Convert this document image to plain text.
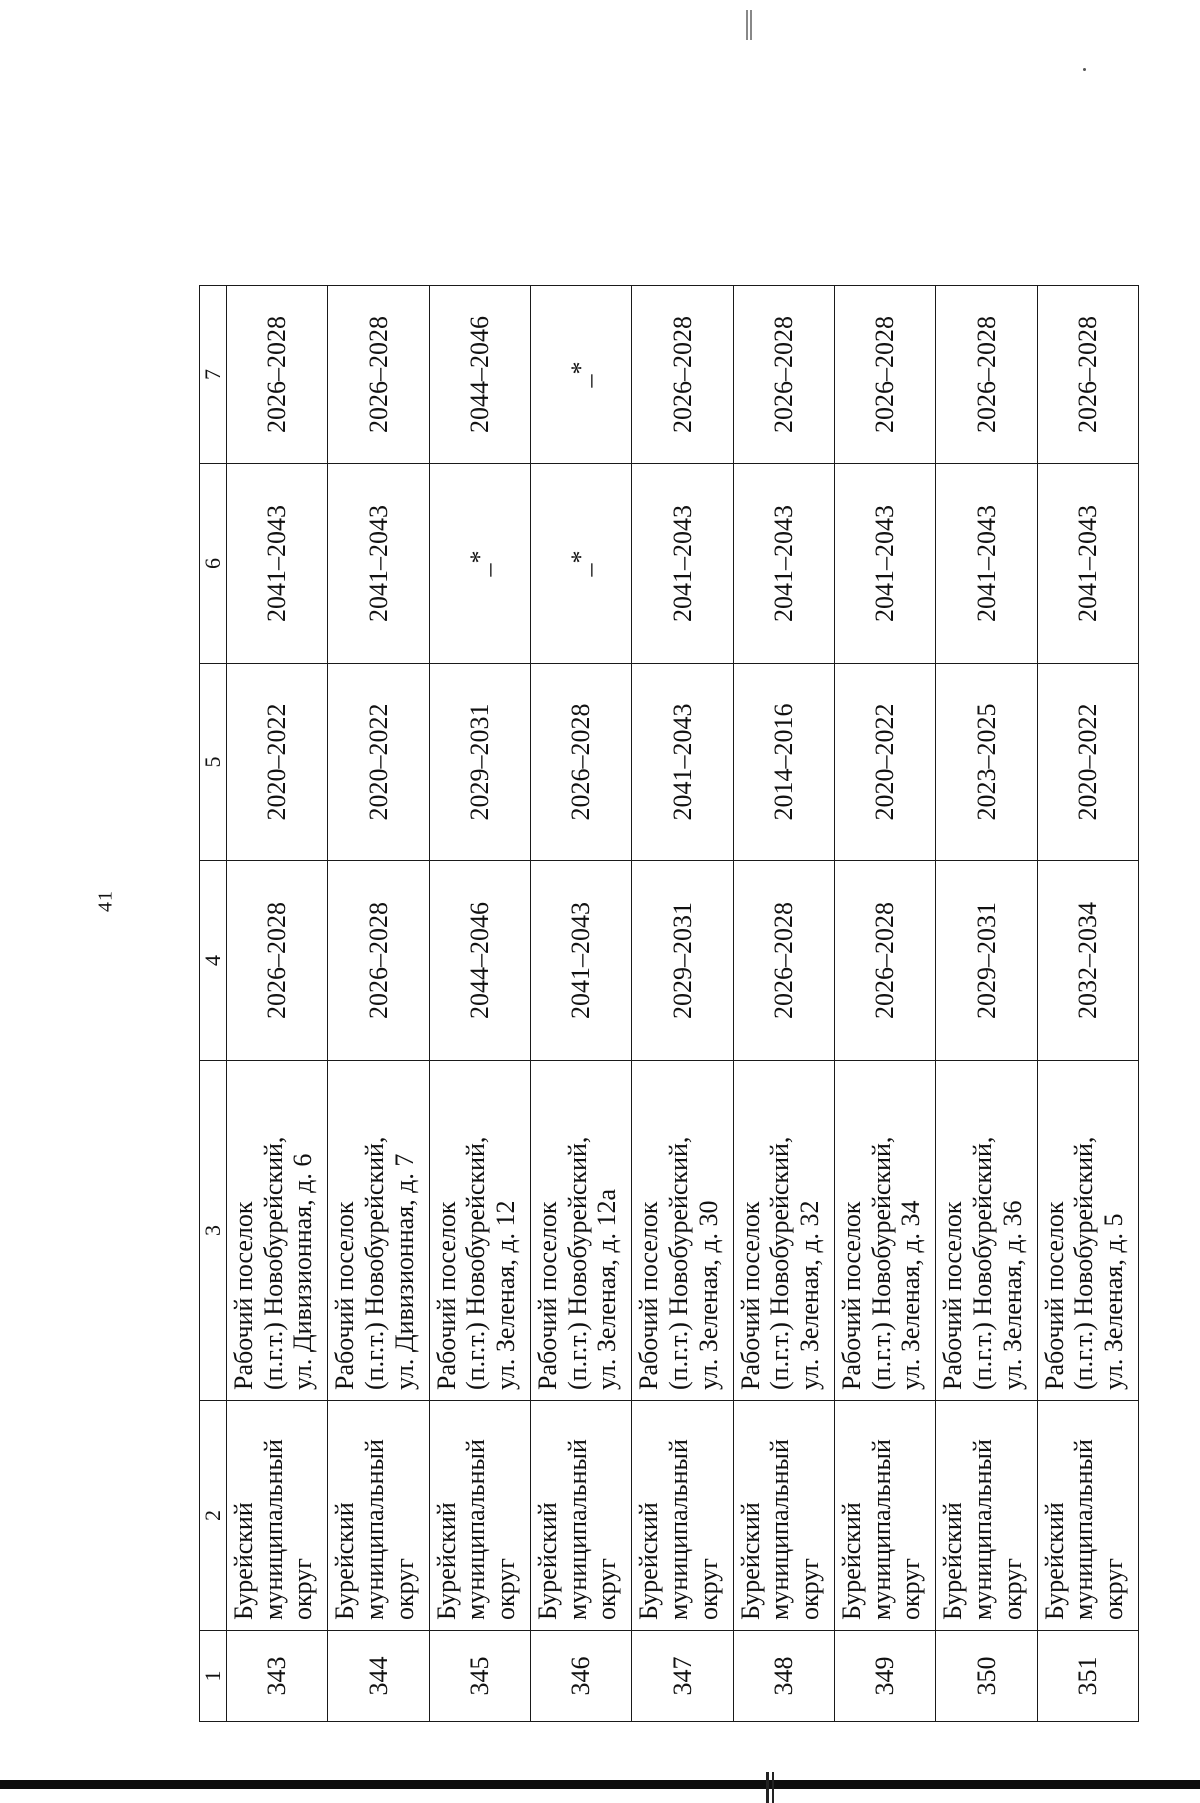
41
1	2	3	4	5	6	7
343	Бурейский муниципальный округ	Рабочий поселок (п.г.т.) Новобурейский, ул. Дивизионная, д. 6	2026–2028	2020–2022	2041–2043	2026–2028
344	Бурейский муниципальный округ	Рабочий поселок (п.г.т.) Новобурейский, ул. Дивизионная, д. 7	2026–2028	2020–2022	2041–2043	2026–2028
345	Бурейский муниципальный округ	Рабочий поселок (п.г.т.) Новобурейский, ул. Зеленая, д. 12	2044–2046	2029–2031	_*	2044–2046
346	Бурейский муниципальный округ	Рабочий поселок (п.г.т.) Новобурейский, ул. Зеленая, д. 12а	2041–2043	2026–2028	_*	_*
347	Бурейский муниципальный округ	Рабочий поселок (п.г.т.) Новобурейский, ул. Зеленая, д. 30	2029–2031	2041–2043	2041–2043	2026–2028
348	Бурейский муниципальный округ	Рабочий поселок (п.г.т.) Новобурейский, ул. Зеленая, д. 32	2026–2028	2014–2016	2041–2043	2026–2028
349	Бурейский муниципальный округ	Рабочий поселок (п.г.т.) Новобурейский, ул. Зеленая, д. 34	2026–2028	2020–2022	2041–2043	2026–2028
350	Бурейский муниципальный округ	Рабочий поселок (п.г.т.) Новобурейский, ул. Зеленая, д. 36	2029–2031	2023–2025	2041–2043	2026–2028
351	Бурейский муниципальный округ	Рабочий поселок (п.г.т.) Новобурейский, ул. Зеленая, д. 5	2032–2034	2020–2022	2041–2043	2026–2028
